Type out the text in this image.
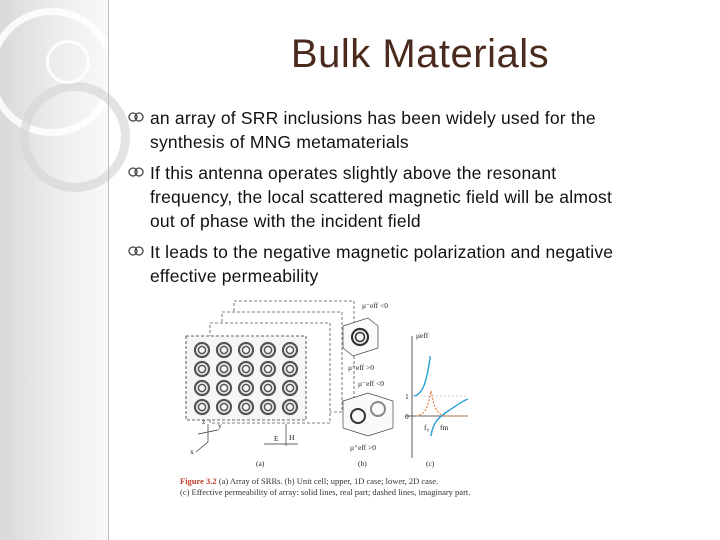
Bulk Materials
an array of SRR inclusions has been widely used for the
synthesis of MNG metamaterials
If this antenna operates slightly above the resonant
frequency, the local scattered magnetic field will be almost
out of phase with the incident field
It leads to the negative magnetic polarization and negative
effective permeability
y
z
x
E H
(a)
μ⁻eff <0
μ⁺eff >0
μ⁻eff <0
μ⁺eff >0
(b)
μeff
1
0
f₀ fm
(c)
Figure 3.2 (a) Array of SRRs. (b) Unit cell; upper, 1D case; lower, 2D case.
(c) Effective permeability of array: solid lines, real part; dashed lines, imaginary part.
